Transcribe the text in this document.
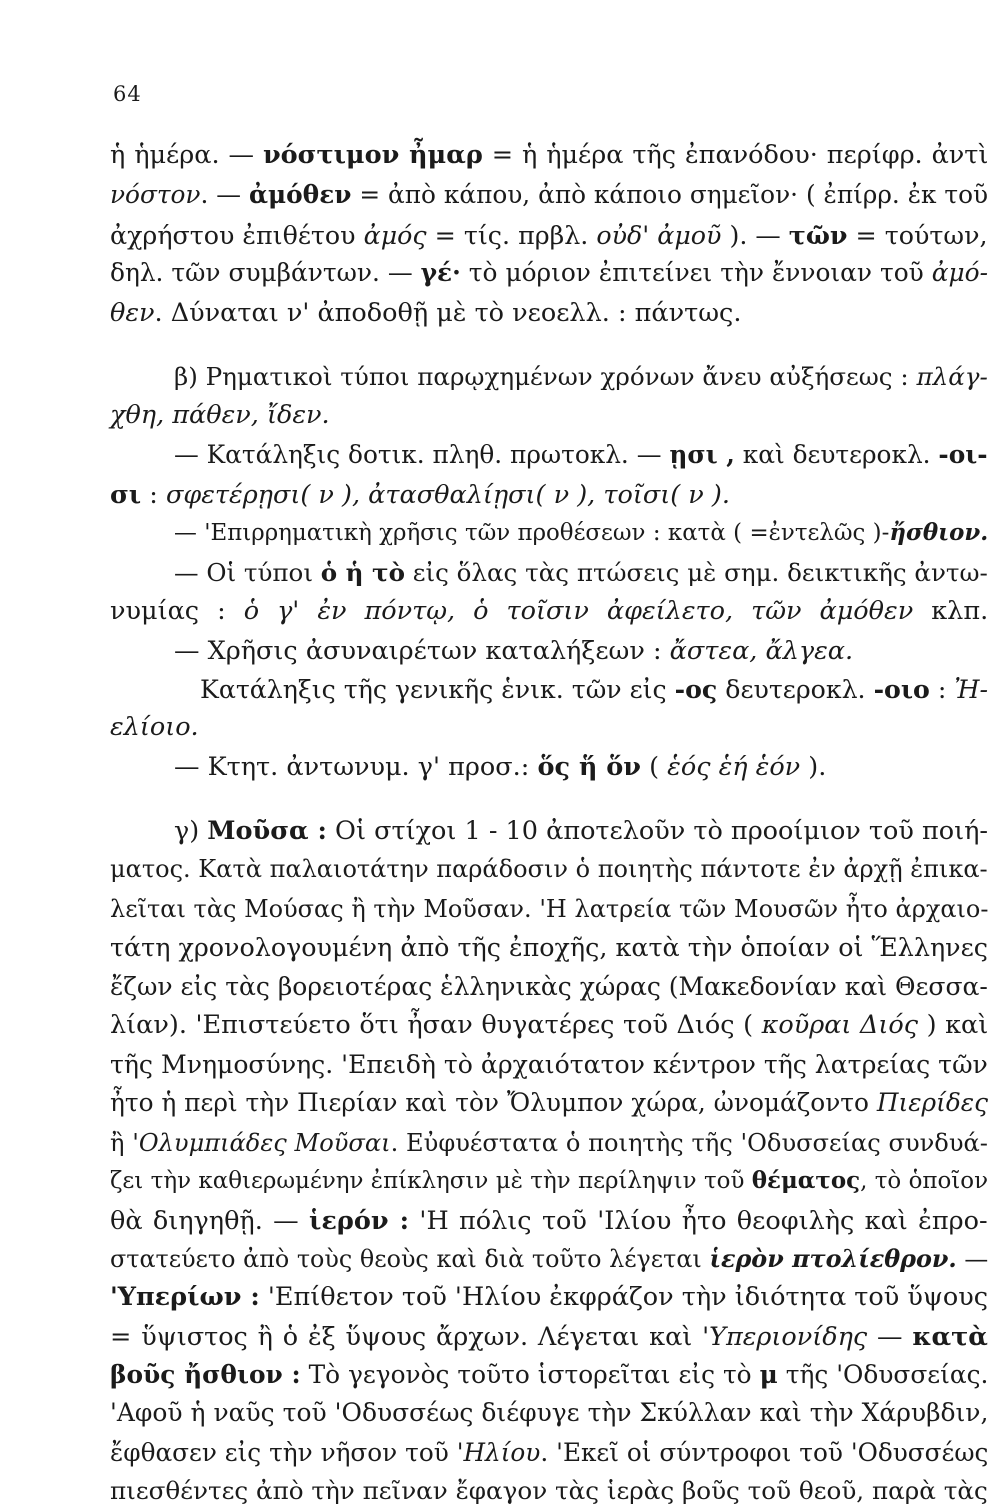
64
ἡ ἡμέρα. — νόστιμον ἦμαρ = ἡ ἡμέρα τῆς ἐπανόδου· περίφρ. ἀντὶ
νόστον. — ἀμόθεν = ἀπὸ κάπου, ἀπὸ κάποιο σημεῖον· ( ἐπίρρ. ἐκ τοῦ
ἀχρήστου ἐπιθέτου ἀμός = τίς. πρβλ. οὐδ' ἀμοῦ ). — τῶν = τούτων,
δηλ. τῶν συμβάντων. — γέ· τὸ μόριον ἐπιτείνει τὴν ἔννοιαν τοῦ ἀμό-
θεν. Δύναται ν' ἀποδοθῇ μὲ τὸ νεοελλ. : πάντως.
β) Ρηματικοὶ τύποι παρῳχημένων χρόνων ἄνευ αὐξήσεως : πλάγ-
χθη, πάθεν, ἴδεν.
— Κατάληξις δοτικ. πληθ. πρωτοκλ. — ῃσι , καὶ δευτεροκλ. -οι-
σι : σφετέρῃσι( ν ), ἀτασθαλίῃσι( ν ), τοῖσι( ν ).
— 'Επιρρηματικὴ χρῆσις τῶν προθέσεων : κατὰ ( =ἐντελῶς )-ἤσθιον.
— Οἱ τύποι ὁ ἡ τὸ εἰς ὅλας τὰς πτώσεις μὲ σημ. δεικτικῆς ἀντω-
νυμίας : ὁ γ' ἐν πόντῳ, ὁ τοῖσιν ἀφείλετο, τῶν ἀμόθεν κλπ.
— Χρῆσις ἀσυναιρέτων καταλήξεων : ἄστεα, ἄλγεα.
Κατάληξις τῆς γενικῆς ἑνικ. τῶν εἰς -ος δευτεροκλ. -οιο : Ἠ-
ελίοιο.
— Κτητ. ἀντωνυμ. γ' προσ.: ὅς ἥ ὅν ( ἑός ἑή ἑόν ).
γ) Μοῦσα : Οἱ στίχοι 1 - 10 ἀποτελοῦν τὸ προοίμιον τοῦ ποιή-
ματος. Κατὰ παλαιοτάτην παράδοσιν ὁ ποιητὴς πάντοτε ἐν ἀρχῇ ἐπικα-
λεῖται τὰς Μούσας ἢ τὴν Μοῦσαν. 'Η λατρεία τῶν Μουσῶν ἦτο ἀρχαιο-
τάτη χρονολογουμένη ἀπὸ τῆς ἐποχῆς, κατὰ τὴν ὁποίαν οἱ Ἕλληνες
ἔζων εἰς τὰς βορειοτέρας ἑλληνικὰς χώρας (Μακεδονίαν καὶ Θεσσα-
λίαν). 'Επιστεύετο ὅτι ἦσαν θυγατέρες τοῦ Διός ( κοῦραι Διός ) καὶ
τῆς Μνημοσύνης. 'Επειδὴ τὸ ἀρχαιότατον κέντρον τῆς λατρείας τῶν
ἦτο ἡ περὶ τὴν Πιερίαν καὶ τὸν Ὄλυμπον χώρα, ὠνομάζοντο Πιερίδες
ἢ 'Ολυμπιάδες Μοῦσαι. Εὐφυέστατα ὁ ποιητὴς τῆς 'Οδυσσείας συνδυά-
ζει τὴν καθιερωμένην ἐπίκλησιν μὲ τὴν περίληψιν τοῦ θέματος, τὸ ὁποῖον
θὰ διηγηθῇ. — ἱερόν : 'Η πόλις τοῦ 'Ιλίου ἦτο θεοφιλὴς καὶ ἐπρο-
στατεύετο ἀπὸ τοὺς θεοὺς καὶ διὰ τοῦτο λέγεται ἱερὸν πτολίεθρον. —
'Υπερίων : 'Επίθετον τοῦ 'Ηλίου ἐκφράζον τὴν ἰδιότητα τοῦ ὕψους
= ὕψιστος ἢ ὁ ἐξ ὕψους ἄρχων. Λέγεται καὶ 'Υπεριονίδης — κατὰ
βοῦς ἤσθιον : Τὸ γεγονὸς τοῦτο ἱστορεῖται εἰς τὸ μ τῆς 'Οδυσσείας.
'Αφοῦ ἡ ναῦς τοῦ 'Οδυσσέως διέφυγε τὴν Σκύλλαν καὶ τὴν Χάρυβδιν,
ἔφθασεν εἰς τὴν νῆσον τοῦ 'Ηλίου. 'Εκεῖ οἱ σύντροφοι τοῦ 'Οδυσσέως
πιεσθέντες ἀπὸ τὴν πεῖναν ἔφαγον τὰς ἱερὰς βοῦς τοῦ θεοῦ, παρὰ τὰς
